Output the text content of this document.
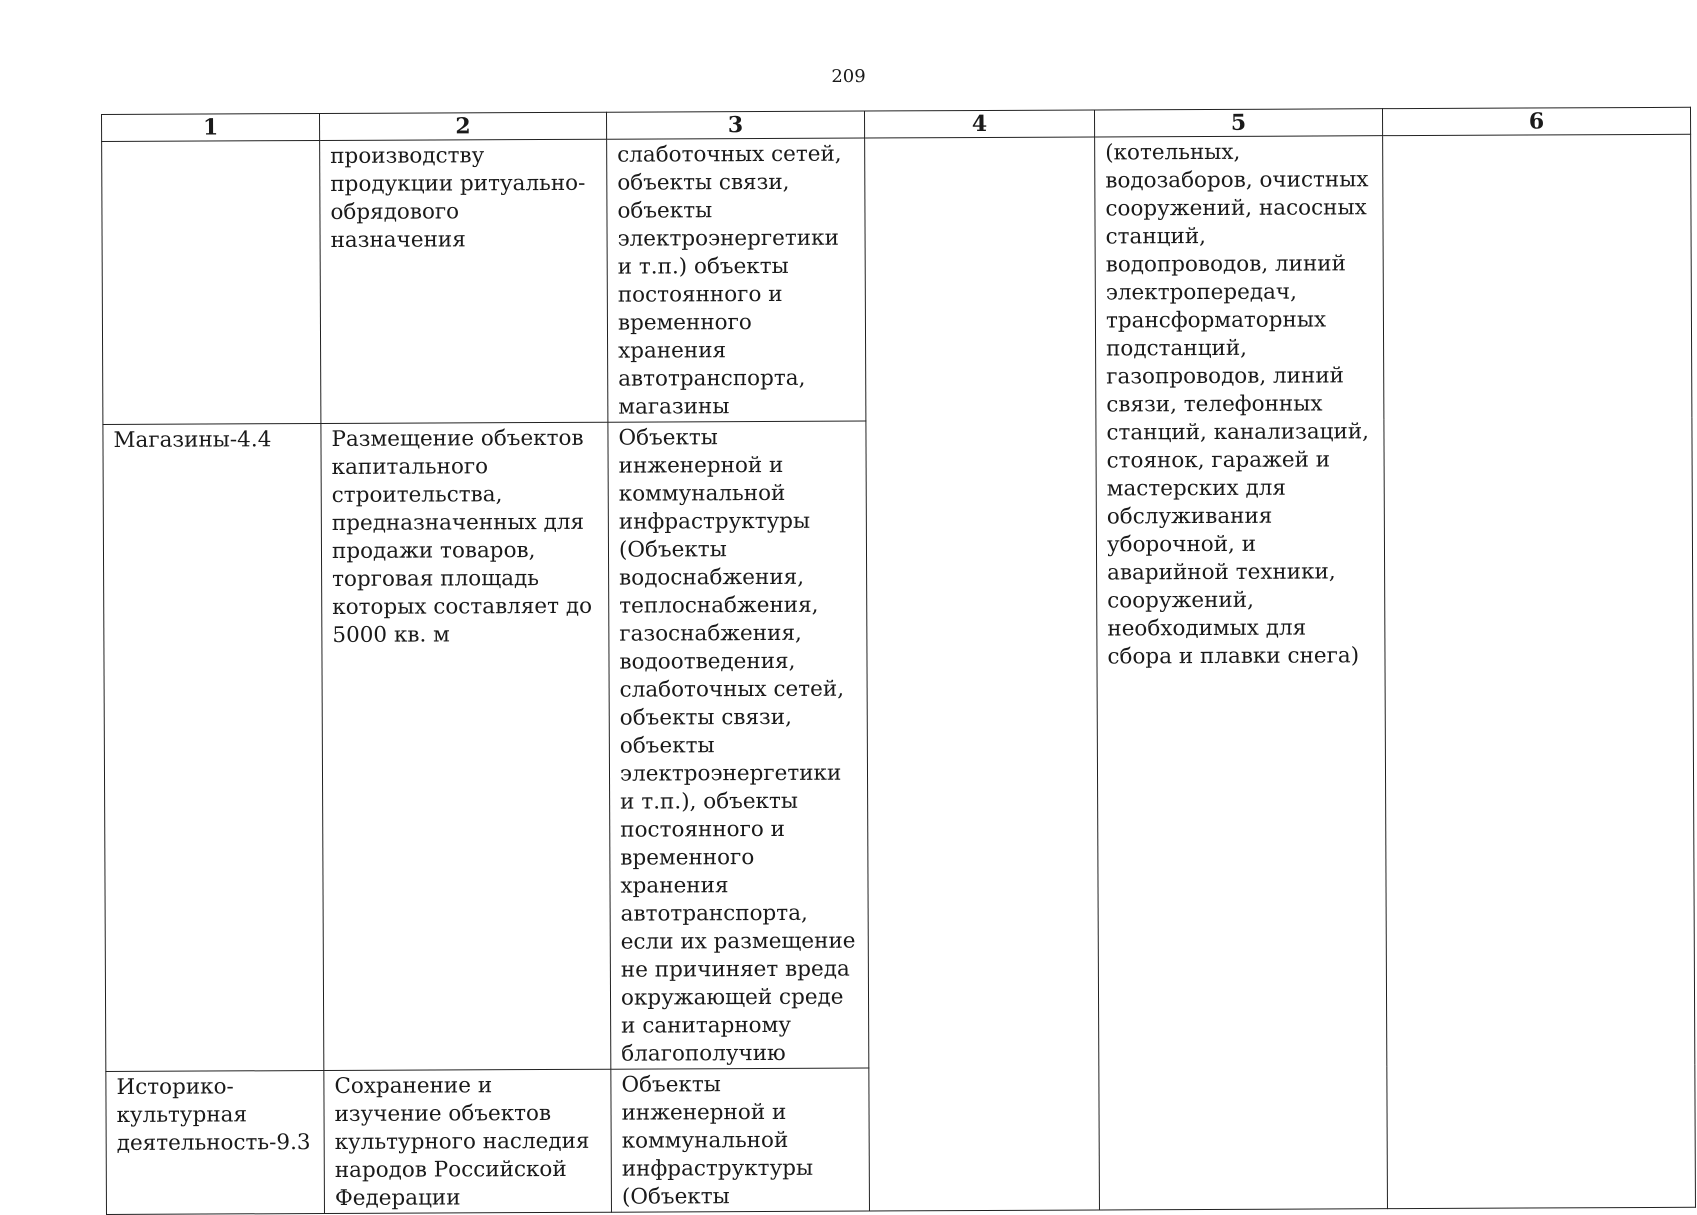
209
1	2	3	4	5	6
	производству продукции ритуально-обрядового назначения	слаботочных сетей, объекты связи, объекты электроэнергетики и т.п.) объекты постоянного и временного хранения автотранспорта, магазины		(котельных, водозаборов, очистных сооружений, насосных станций, водопроводов, линий электропередач, трансформаторных подстанций, газопроводов, линий связи, телефонных станций, канализаций, стоянок, гаражей и мастерских для обслуживания уборочной, и аварийной техники, сооружений, необходимых для сбора и плавки снега)	
Магазины-4.4	Размещение объектов капитального строительства, предназначенных для продажи товаров, торговая площадь которых составляет до 5000 кв. м	Объекты инженерной и коммунальной инфраструктуры (Объекты водоснабжения, теплоснабжения, газоснабжения, водоотведения, слаботочных сетей, объекты связи, объекты электроэнергетики и т.п.), объекты постоянного и временного хранения автотранспорта, если их размещение не причиняет вреда окружающей среде и санитарному благополучию			
Историко-культурная деятельность-9.3	Сохранение и изучение объектов культурного наследия народов Российской Федерации	Объекты инженерной и коммунальной инфраструктуры (Объекты			
